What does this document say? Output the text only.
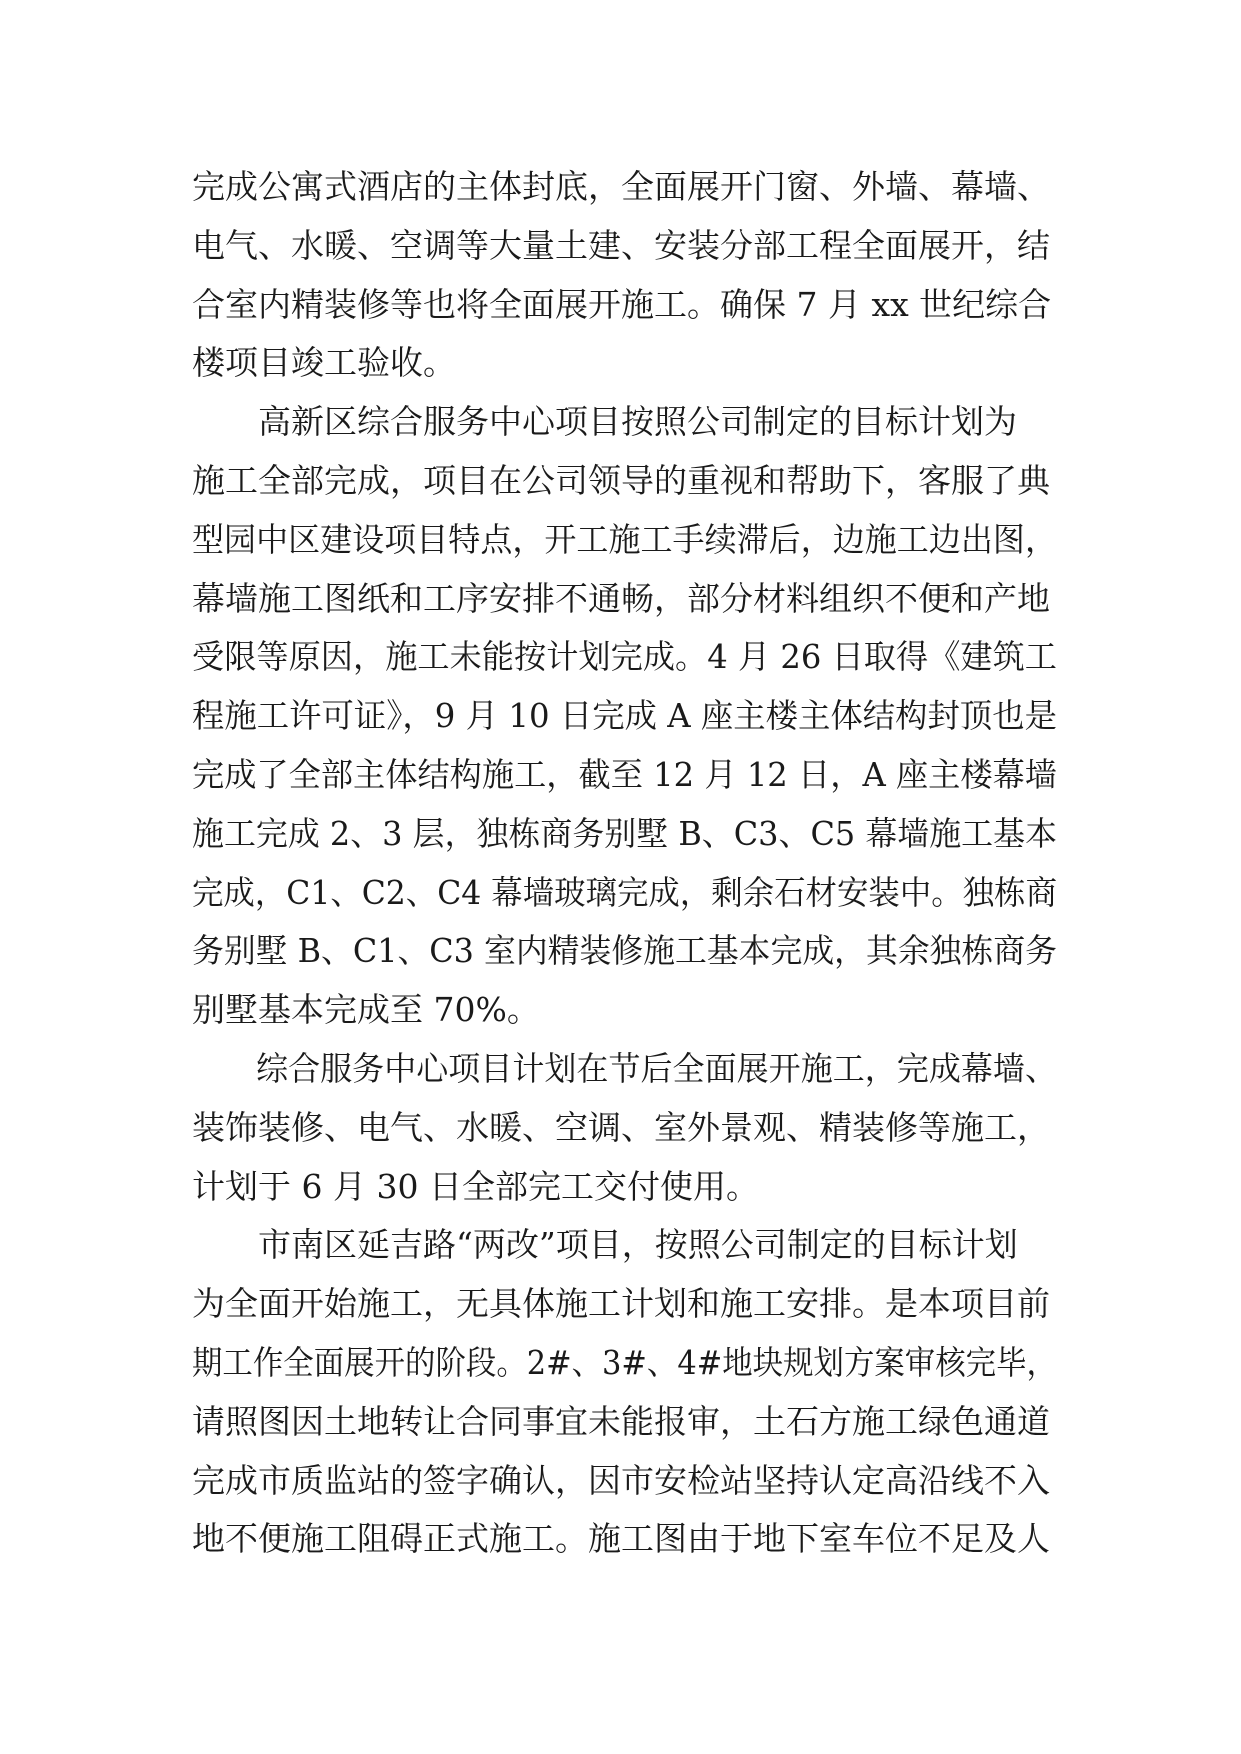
完成公寓式酒店的主体封底，全面展开门窗、外墙、幕墙、
电气、水暖、空调等大量土建、安装分部工程全面展开，结
合室内精装修等也将全面展开施工。确保 7 月 xx 世纪综合
楼项目竣工验收。
高新区综合服务中心项目按照公司制定的目标计划为
施工全部完成，项目在公司领导的重视和帮助下，客服了典
型园中区建设项目特点，开工施工手续滞后，边施工边出图，
幕墙施工图纸和工序安排不通畅，部分材料组织不便和产地
受限等原因，施工未能按计划完成。4 月 26 日取得《建筑工
程施工许可证》，9 月 10 日完成 A 座主楼主体结构封顶也是
完成了全部主体结构施工，截至 12 月 12 日，A 座主楼幕墙
施工完成 2、3 层，独栋商务别墅 B、C3、C5 幕墙施工基本
完成，C1、C2、C4 幕墙玻璃完成，剩余石材安装中。独栋商
务别墅 B、C1、C3 室内精装修施工基本完成，其余独栋商务
别墅基本完成至 70%。
综合服务中心项目计划在节后全面展开施工，完成幕墙、
装饰装修、电气、水暖、空调、室外景观、精装修等施工，
计划于 6 月 30 日全部完工交付使用。
市南区延吉路“两改”项目，按照公司制定的目标计划
为全面开始施工，无具体施工计划和施工安排。是本项目前
期工作全面展开的阶段。2#、3#、4#地块规划方案审核完毕，
请照图因土地转让合同事宜未能报审，土石方施工绿色通道
完成市质监站的签字确认，因市安检站坚持认定高沿线不入
地不便施工阻碍正式施工。施工图由于地下室车位不足及人
